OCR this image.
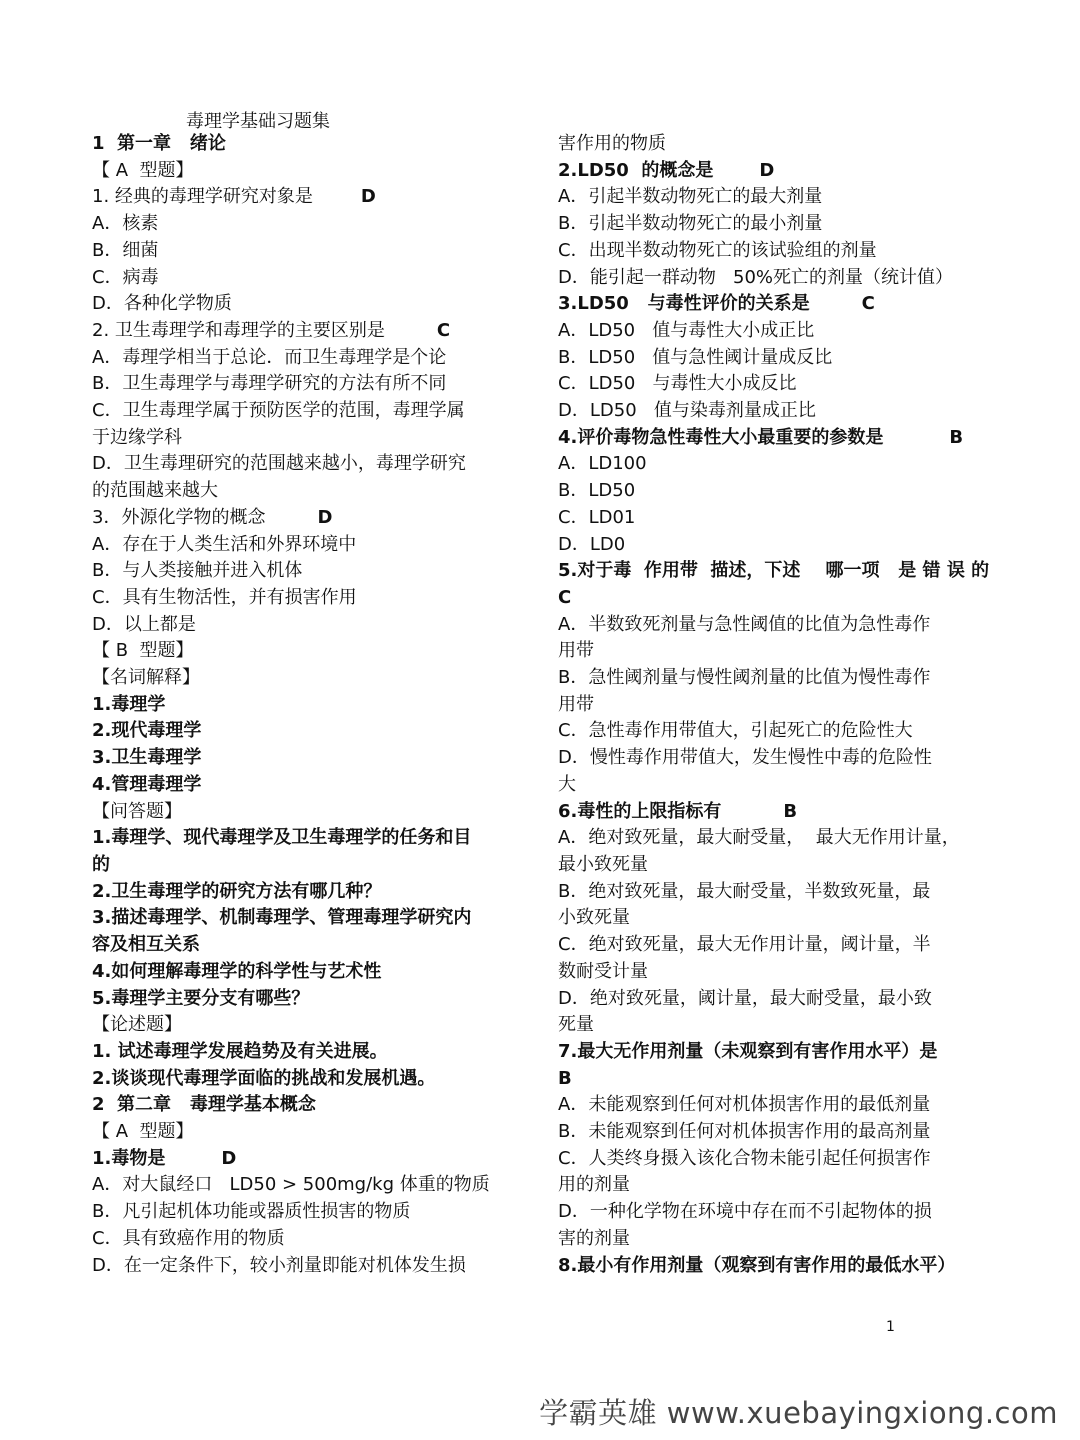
毒理学基础习题集
1  第一章   绪论
【 A  型题】
1. 经典的毒理学研究对象是	D
A．核素
B．细菌
C．病毒
D．各种化学物质
2. 卫生毒理学和毒理学的主要区别是	C
A．毒理学相当于总论．而卫生毒理学是个论
B．卫生毒理学与毒理学研究的方法有所不同
C．卫生毒理学属于预防医学的范围，毒理学属
于边缘学科
D．卫生毒理研究的范围越来越小，毒理学研究
的范围越来越大
3．外源化学物的概念	D
A．存在于人类生活和外界环境中
B．与人类接触并进入机体
C．具有生物活性，并有损害作用
D．以上都是
【 B  型题】
【名词解释】
1.毒理学
2.现代毒理学
3.卫生毒理学
4.管理毒理学
【问答题】
1.毒理学、现代毒理学及卫生毒理学的任务和目
的
2.卫生毒理学的研究方法有哪几种？
3.描述毒理学、机制毒理学、管理毒理学研究内
容及相互关系
4.如何理解毒理学的科学性与艺术性
5.毒理学主要分支有哪些？
【论述题】
1. 试述毒理学发展趋势及有关进展。
2.谈谈现代毒理学面临的挑战和发展机遇。
2  第二章   毒理学基本概念
【 A  型题】
1.毒物是	D
A．对大鼠经口   LD50 > 500mg/kg 体重的物质
B．凡引起机体功能或器质性损害的物质
C．具有致癌作用的物质
D．在一定条件下，较小剂量即能对机体发生损
害作用的物质
2.LD50  的概念是	D
A．引起半数动物死亡的最大剂量
B．引起半数动物死亡的最小剂量
C．出现半数动物死亡的该试验组的剂量
D．能引起一群动物   50%死亡的剂量（统计值）
3.LD50   与毒性评价的关系是	C
A．LD50   值与毒性大小成正比
B．LD50   值与急性阈计量成反比
C．LD50   与毒性大小成反比
D．LD50   值与染毒剂量成正比
4.评价毒物急性毒性大小最重要的参数是	B
A．LD100
B．LD50
C．LD01
D．LD0
5.对于毒  作用带  描述，下述    哪一项   是 错 误 的
C
A．半数致死剂量与急性阈值的比值为急性毒作
用带
B．急性阈剂量与慢性阈剂量的比值为慢性毒作
用带
C．急性毒作用带值大，引起死亡的危险性大
D．慢性毒作用带值大，发生慢性中毒的危险性
大
6.毒性的上限指标有	B
A．绝对致死量，最大耐受量，  最大无作用计量，
最小致死量
B．绝对致死量，最大耐受量，半数致死量，最
小致死量
C．绝对致死量，最大无作用计量，阈计量，半
数耐受计量
D．绝对致死量，阈计量，最大耐受量，最小致
死量
7.最大无作用剂量（未观察到有害作用水平）是
B
A．未能观察到任何对机体损害作用的最低剂量
B．未能观察到任何对机体损害作用的最高剂量
C．人类终身摄入该化合物未能引起任何损害作
用的剂量
D．一种化学物在环境中存在而不引起物体的损
害的剂量
8.最小有作用剂量（观察到有害作用的最低水平）
1
学霸英雄 www.xuebayingxiong.com
